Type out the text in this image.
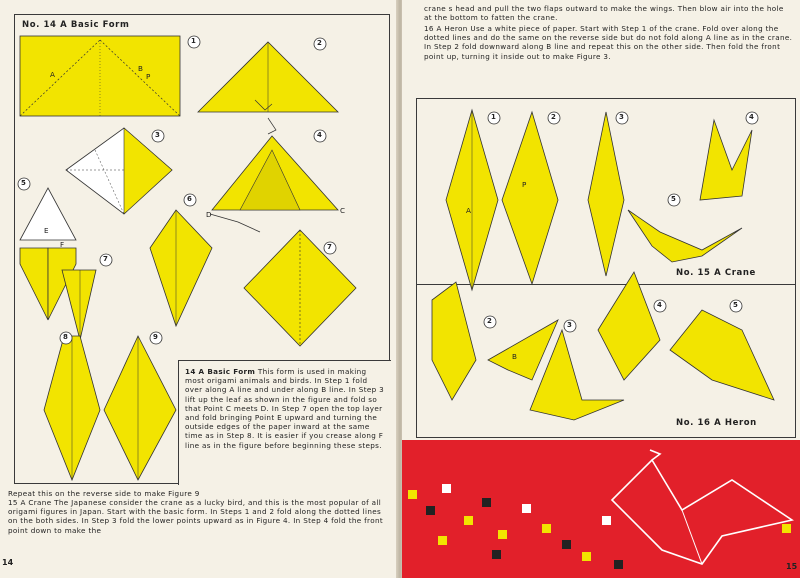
No. 14 A Basic Form
1	2
3	4
5
6
7
7
8	9
A
B
P
C
D
E
F
14 A Basic Form This form is used in making most origami animals and birds. In Step 1 fold over along A line and under along B line. In Step 3 lift up the leaf as shown in the figure and fold so that Point C meets D. In Step 7 open the top layer and fold bringing Point E upward and turning the outside edges of the paper inward at the same time as in Step 8. It is easier if you crease along F line as in the figure before beginning these steps.
Repeat this on the reverse side to make Figure 9
15 A Crane The Japanese consider the crane as a lucky bird, and this is the most popular of all origami figures in Japan. Start with the basic form. In Steps 1 and 2 fold along the dotted lines on the both sides. In Step 3 fold the lower points upward as in Figure 4. In Step 4 fold the front point down to make the
14
crane s head and pull the two flaps outward to make the wings. Then blow air into the hole at the bottom to fatten the crane.
16 A Heron Use a white piece of paper. Start with Step 1 of the crane. Fold over along the dotted lines and do the same on the reverse side but do not fold along A line as in the crane. In Step 2 fold downward along B line and repeat this on the other side. Then fold the front point up, turning it inside out to make Figure 3.
1	2	3	4
5
2	3
4	5
A
P
B
No. 15 A Crane
No. 16 A Heron
15
